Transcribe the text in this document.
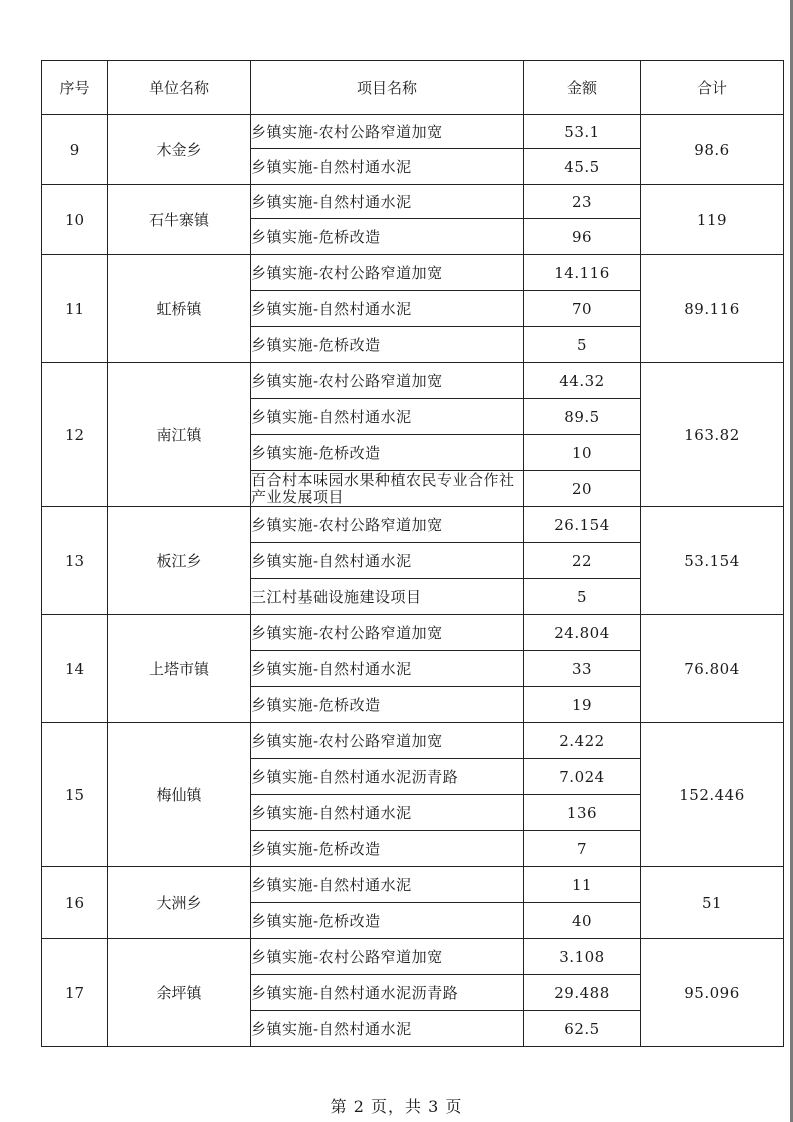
序号	单位名称	项目名称	金额	合计
9	木金乡	乡镇实施-农村公路窄道加宽	53.1	98.6
		乡镇实施-自然村通水泥	45.5	
10	石牛寨镇	乡镇实施-自然村通水泥	23	119
		乡镇实施-危桥改造	96	
11	虹桥镇	乡镇实施-农村公路窄道加宽	14.116	89.116
		乡镇实施-自然村通水泥	70	
		乡镇实施-危桥改造	5	
12	南江镇	乡镇实施-农村公路窄道加宽	44.32	163.82
		乡镇实施-自然村通水泥	89.5	
		乡镇实施-危桥改造	10	
		百合村本味园水果种植农民专业合作社产业发展项目	20	
13	板江乡	乡镇实施-农村公路窄道加宽	26.154	53.154
		乡镇实施-自然村通水泥	22	
		三江村基础设施建设项目	5	
14	上塔市镇	乡镇实施-农村公路窄道加宽	24.804	76.804
		乡镇实施-自然村通水泥	33	
		乡镇实施-危桥改造	19	
15	梅仙镇	乡镇实施-农村公路窄道加宽	2.422	152.446
		乡镇实施-自然村通水泥沥青路	7.024	
		乡镇实施-自然村通水泥	136	
		乡镇实施-危桥改造	7	
16	大洲乡	乡镇实施-自然村通水泥	11	51
		乡镇实施-危桥改造	40	
17	余坪镇	乡镇实施-农村公路窄道加宽	3.108	95.096
		乡镇实施-自然村通水泥沥青路	29.488	
		乡镇实施-自然村通水泥	62.5	
第 2 页，共 3 页
